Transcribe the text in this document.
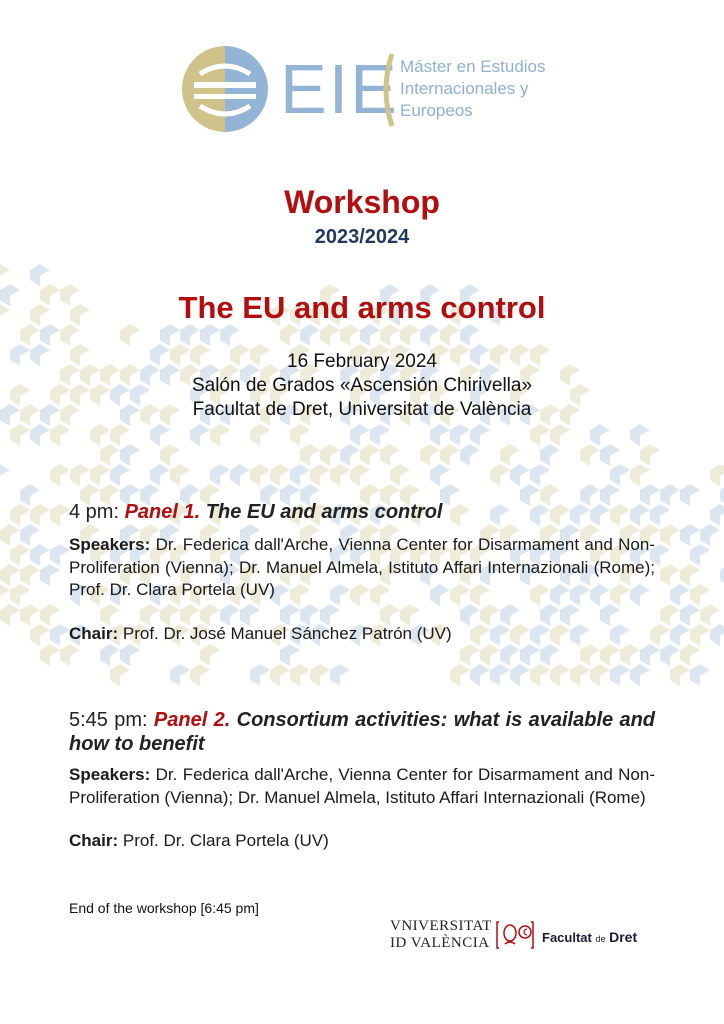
EIE Máster en Estudios
Internacionales y
Europeos
Workshop
2023/2024
The EU and arms control
16 February 2024
Salón de Grados «Ascensión Chirivella»
Facultat de Dret, Universitat de València
4 pm: Panel 1. The EU and arms control

Speakers: Dr. Federica dall'Arche, Vienna Center for Disarmament and Non-Proliferation (Vienna); Dr. Manuel Almela, Istituto Affari Internazionali (Rome); Prof. Dr. Clara Portela (UV)

Chair: Prof. Dr. José Manuel Sánchez Patrón (UV)

5:45 pm: Panel 2. Consortium activities: what is available and how to benefit

Speakers: Dr. Federica dall'Arche, Vienna Center for Disarmament and Non-Proliferation (Vienna); Dr. Manuel Almela, Istituto Affari Internazionali (Rome)

Chair: Prof. Dr. Clara Portela (UV)

End of the workshop [6:45 pm]
VNIVERSITAT
ID VALÈNCIA	Facultat de Dret
